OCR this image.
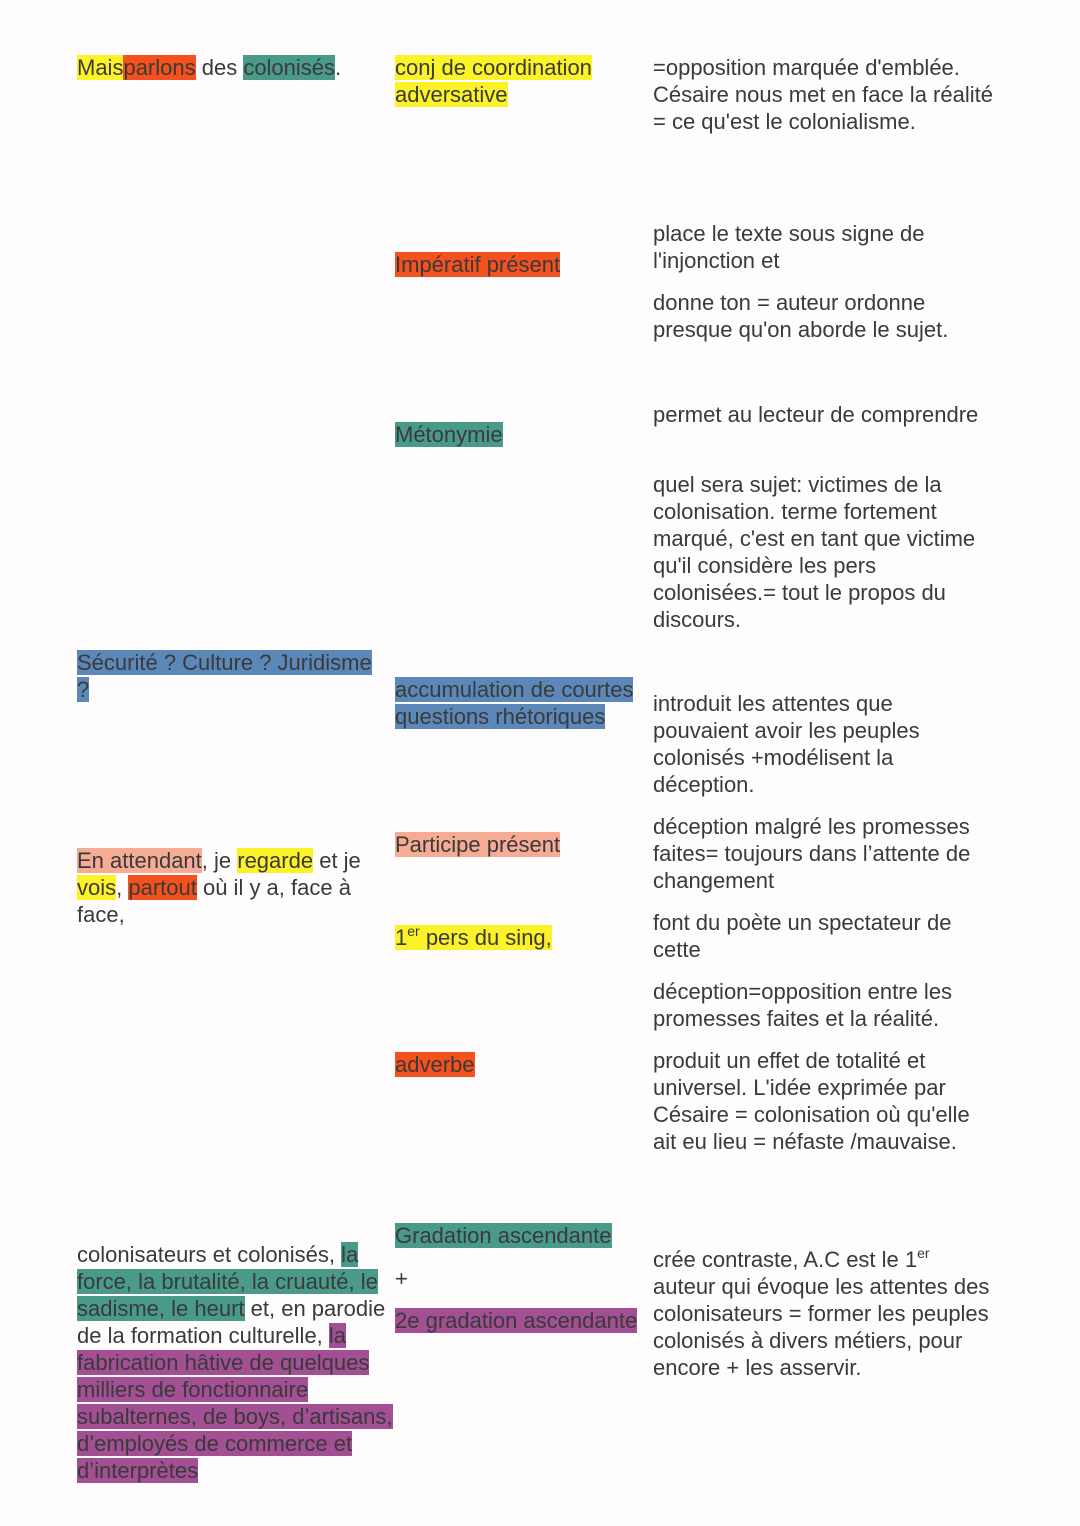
Maisparlons des colonisés.	conj de coordination
adversative
=opposition marquée d'emblée. Césaire nous met en face la réalité = ce qu'est le colonialisme.
Impératif présent
place le texte sous signe de l'injonction et
donne ton = auteur ordonne presque qu'on aborde le sujet.
Métonymie
permet au lecteur de comprendre
quel sera sujet: victimes de la colonisation. terme fortement marqué, c'est en tant que victime qu'il considère les pers colonisées.= tout le propos du discours.
Sécurité ? Culture ? Juridisme
?	accumulation de courtes
questions rhétoriques
introduit les attentes que pouvaient avoir les peuples colonisés +modélisent la déception.
En attendant, je regarde et je vois, partout où il y a, face à face,
Participe présent
1er pers du sing,
adverbe
déception malgré les promesses faites= toujours dans l’attente de changement
font du poète un spectateur de cette
déception=opposition entre les promesses faites et la réalité.
produit un effet de totalité et universel. L'idée exprimée par Césaire = colonisation où qu'elle ait eu lieu = néfaste /mauvaise.
colonisateurs et colonisés, la force, la brutalité, la cruauté, le sadisme, le heurt et, en parodie de la formation culturelle, la fabrication hâtive de quelques milliers de fonctionnaire subalternes, de boys, d’artisans, d’employés de commerce et d’interprètes
Gradation ascendante
+
2e gradation ascendante
crée contraste, A.C est le 1er auteur qui évoque les attentes des colonisateurs = former les peuples colonisés à divers métiers, pour encore + les asservir.
